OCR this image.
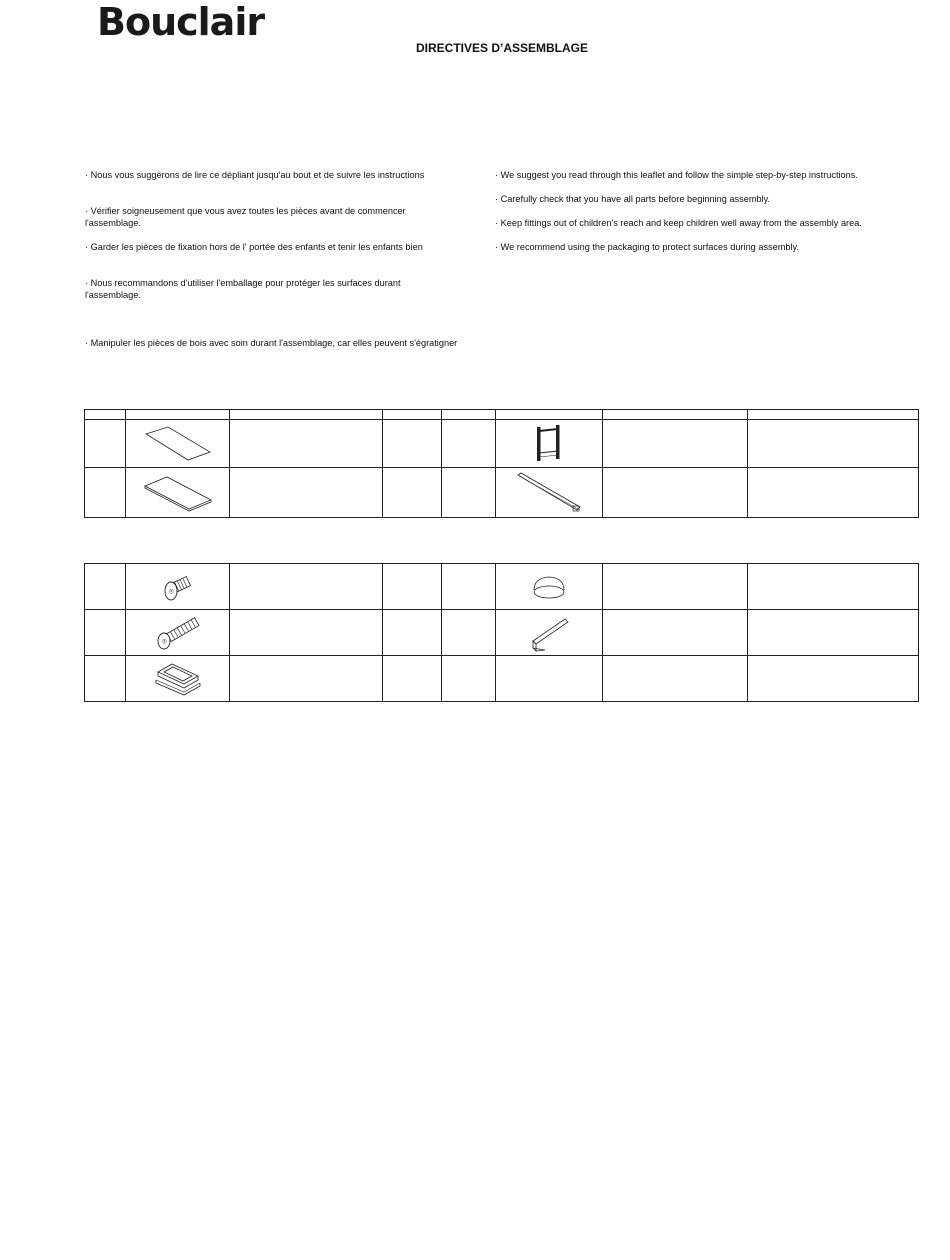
Bouclair
DIRECTIVES D’ASSEMBLAGE
· Nous vous suggérons de lire ce dépliant jusqu'au bout et de suivre les instructions
· Vérifier soigneusement que vous avez toutes les pièces avant de commencer l'assemblage.
· Garder les pièces de fixation hors de l' portée des enfants et tenir les enfants bien
· Nous recommandons d'utiliser l'emballage pour protéger les surfaces durant l'assemblage.
· Manipuler les pièces de bois avec soin durant l'assemblage, car elles peuvent s'égratigner
· We suggest you read through this leaflet and follow the simple step-by-step instructions.
· Carefully check that you have all parts before beginning assembly.
· Keep fittings out of children's reach and keep children well away from the assembly area.
· We recommend using the packaging to protect surfaces during assembly.

⌾

⌾
